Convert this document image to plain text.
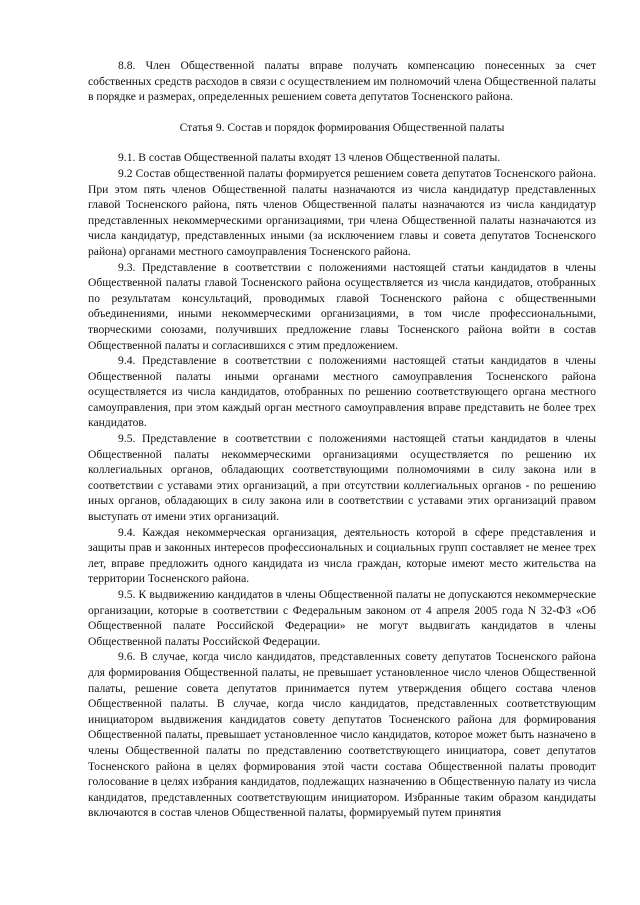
8.8. Член Общественной палаты вправе получать компенсацию понесенных за счет собственных средств расходов в связи с осуществлением им полномочий члена Общественной палаты в порядке и размерах, определенных решением совета депутатов Тосненского района.

Статья 9. Состав и порядок формирования Общественной палаты

9.1. В состав Общественной палаты входят 13 членов Общественной палаты.

9.2 Состав общественной палаты формируется решением совета депутатов Тосненского района. При этом пять членов Общественной палаты назначаются из числа кандидатур представленных главой Тосненского района, пять членов Общественной палаты назначаются из числа кандидатур представленных некоммерческими организациями, три члена Общественной палаты назначаются из числа кандидатур, представленных иными (за исключением главы и совета депутатов Тосненского района) органами местного самоуправления Тосненского района.

9.3. Представление в соответствии с положениями настоящей статьи кандидатов в члены Общественной палаты главой Тосненского района осуществляется из числа кандидатов, отобранных по результатам консультаций, проводимых главой Тосненского района с общественными объединениями, иными некоммерческими организациями, в том числе профессиональными, творческими союзами, получивших предложение главы Тосненского района войти в состав Общественной палаты и согласившихся с этим предложением.

9.4. Представление в соответствии с положениями настоящей статьи кандидатов в члены Общественной палаты иными органами местного самоуправления Тосненского района осуществляется из числа кандидатов, отобранных по решению соответствующего органа местного самоуправления, при этом каждый орган местного самоуправления вправе представить не более трех кандидатов.

9.5. Представление в соответствии с положениями настоящей статьи кандидатов в члены Общественной палаты некоммерческими организациями осуществляется по решению их коллегиальных органов, обладающих соответствующими полномочиями в силу закона или в соответствии с уставами этих организаций, а при отсутствии коллегиальных органов - по решению иных органов, обладающих в силу закона или в соответствии с уставами этих организаций правом выступать от имени этих организаций.

9.4. Каждая некоммерческая организация, деятельность которой в сфере представления и защиты прав и законных интересов профессиональных и социальных групп составляет не менее трех лет, вправе предложить одного кандидата из числа граждан, которые имеют место жительства на территории Тосненского района.

9.5. К выдвижению кандидатов в члены Общественной палаты не допускаются некоммерческие организации, которые в соответствии с Федеральным законом от 4 апреля 2005 года N 32-ФЗ «Об Общественной палате Российской Федерации» не могут выдвигать кандидатов в члены Общественной палаты Российской Федерации.

9.6. В случае, когда число кандидатов, представленных совету депутатов Тосненского района для формирования Общественной палаты, не превышает установленное число членов Общественной палаты, решение совета депутатов принимается путем утверждения общего состава членов Общественной палаты. В случае, когда число кандидатов, представленных соответствующим инициатором выдвижения кандидатов совету депутатов Тосненского района для формирования Общественной палаты, превышает установленное число кандидатов, которое может быть назначено в члены Общественной палаты по представлению соответствующего инициатора, совет депутатов Тосненского района в целях формирования этой части состава Общественной палаты проводит голосование в целях избрания кандидатов, подлежащих назначению в Общественную палату из числа кандидатов, представленных соответствующим инициатором. Избранные таким образом кандидаты включаются в состав членов Общественной палаты, формируемый путем принятия
